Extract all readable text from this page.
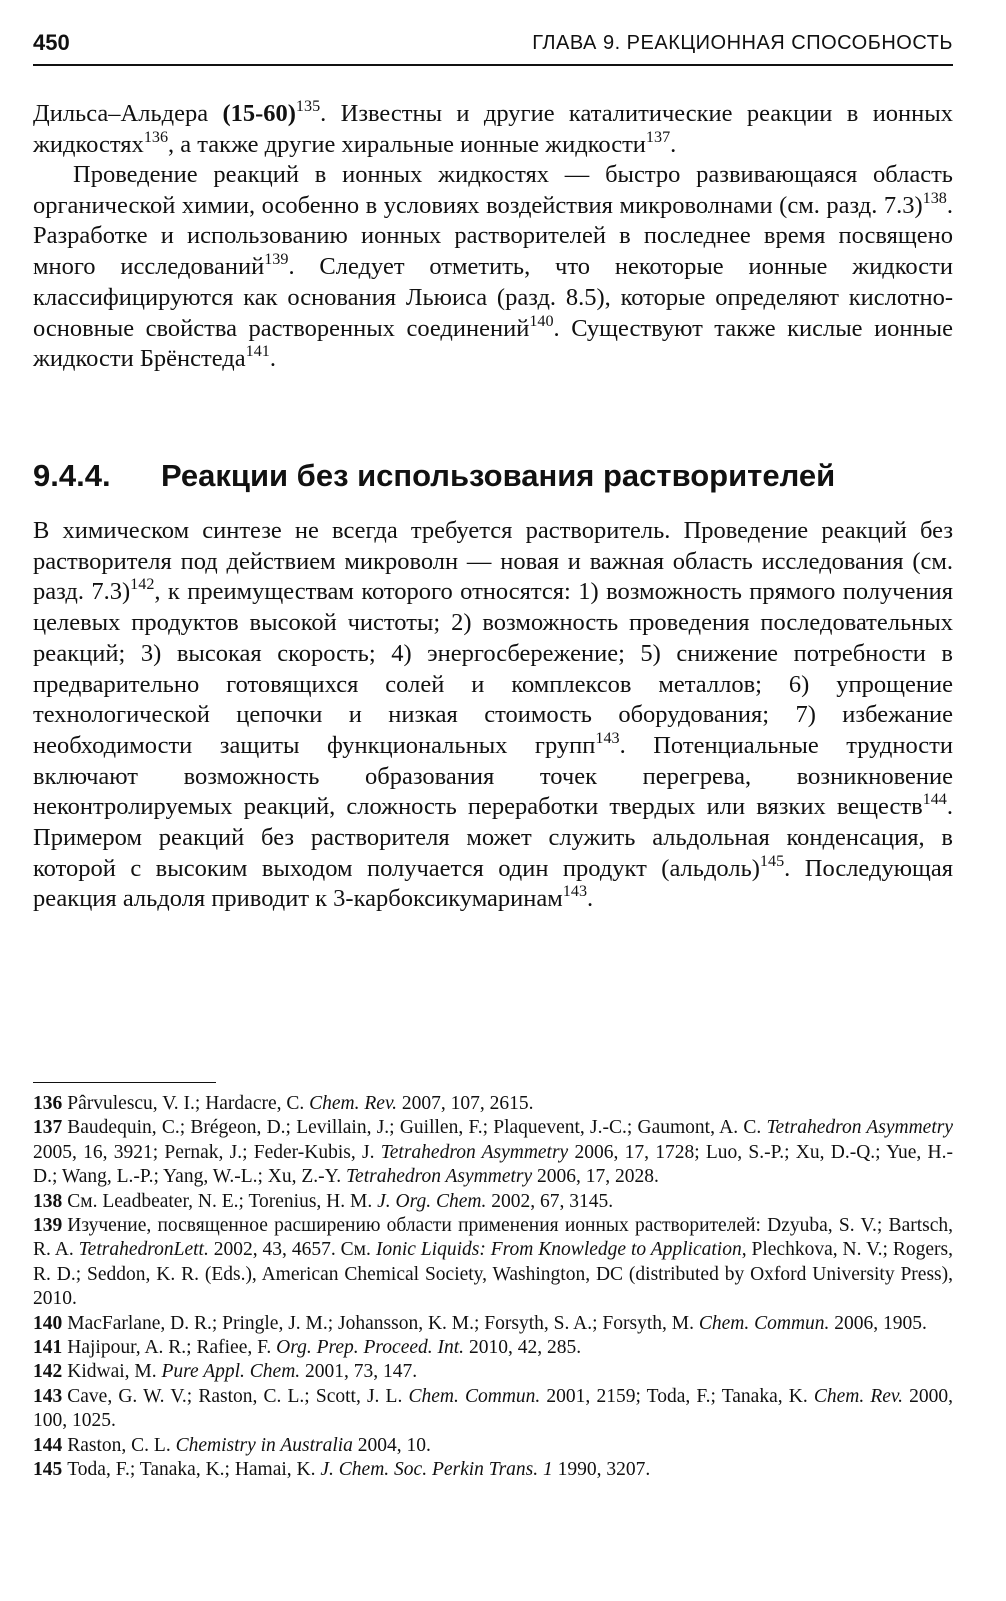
450	ГЛАВА 9. РЕАКЦИОННАЯ СПОСОБНОСТЬ

Дильса–Альдера $(15-60)^{135}$. Известны и другие каталитические реакции в ионных жидкостях$^{136}$, а также другие хиральные ионные жидкости$^{137}$.

Проведение реакций в ионных жидкостях — быстро развивающаяся область органической химии, особенно в условиях воздействия микроволнами (см. разд. 7.3)$^{138}$. Разработке и использованию ионных растворителей в последнее время посвящено много исследований$^{139}$. Следует отметить, что некоторые ионные жидкости классифицируются как основания Льюиса (разд. 8.5), которые определяют кислотно-основные свойства растворенных соединений$^{140}$. Существуют также кислые ионные жидкости Брёнстеда$^{141}$.

9.4.4. Реакции без использования растворителей

В химическом синтезе не всегда требуется растворитель. Проведение реакций без растворителя под действием микроволн — новая и важная область исследования (см. разд. 7.3)$^{142}$, к преимуществам которого относятся: 1) возможность прямого получения целевых продуктов высокой чистоты; 2) возможность проведения последовательных реакций; 3) высокая скорость; 4) энергосбережение; 5) снижение потребности в предварительно готовящихся солей и комплексов металлов; 6) упрощение технологической цепочки и низкая стоимость оборудования; 7) избежание необходимости защиты функциональных групп$^{143}$. Потенциальные трудности включают возможность образования точек перегрева, возникновение неконтролируемых реакций, сложность переработки твердых или вязких веществ$^{144}$. Примером реакций без растворителя может служить альдольная конденсация, в которой с высоким выходом получается один продукт (альдоль)$^{145}$. Последующая реакция альдоля приводит к 3-карбоксикумаринам$^{143}$.

136 Pârvulescu, V. I.; Hardacre, C. Chem. Rev. 2007, 107, 2615.

137 Baudequin, C.; Brégeon, D.; Levillain, J.; Guillen, F.; Plaquevent, J.-C.; Gaumont, A. C. Tetrahedron Asymmetry 2005, 16, 3921; Pernak, J.; Feder-Kubis, J. Tetrahedron Asymmetry 2006, 17, 1728; Luo, S.-P.; Xu, D.-Q.; Yue, H.-D.; Wang, L.-P.; Yang, W.-L.; Xu, Z.-Y. Tetrahedron Asymmetry 2006, 17, 2028.

138 См. Leadbeater, N. E.; Torenius, H. M. J. Org. Chem. 2002, 67, 3145.

139 Изучение, посвященное расширению области применения ионных растворителей: Dzyuba, S. V.; Bartsch, R. A. TetrahedronLett. 2002, 43, 4657. См. Ionic Liquids: From Knowledge to Application, Plechkova, N. V.; Rogers, R. D.; Seddon, K. R. (Eds.), American Chemical Society, Washington, DC (distributed by Oxford University Press), 2010.

140 MacFarlane, D. R.; Pringle, J. M.; Johansson, K. M.; Forsyth, S. A.; Forsyth, M. Chem. Commun. 2006, 1905.

141 Hajipour, A. R.; Rafiee, F. Org. Prep. Proceed. Int. 2010, 42, 285.

142 Kidwai, M. Pure Appl. Chem. 2001, 73, 147.

143 Cave, G. W. V.; Raston, C. L.; Scott, J. L. Chem. Commun. 2001, 2159; Toda, F.; Tanaka, K. Chem. Rev. 2000, 100, 1025.

144 Raston, C. L. Chemistry in Australia 2004, 10.

145 Toda, F.; Tanaka, K.; Hamai, K. J. Chem. Soc. Perkin Trans. 1 1990, 3207.
